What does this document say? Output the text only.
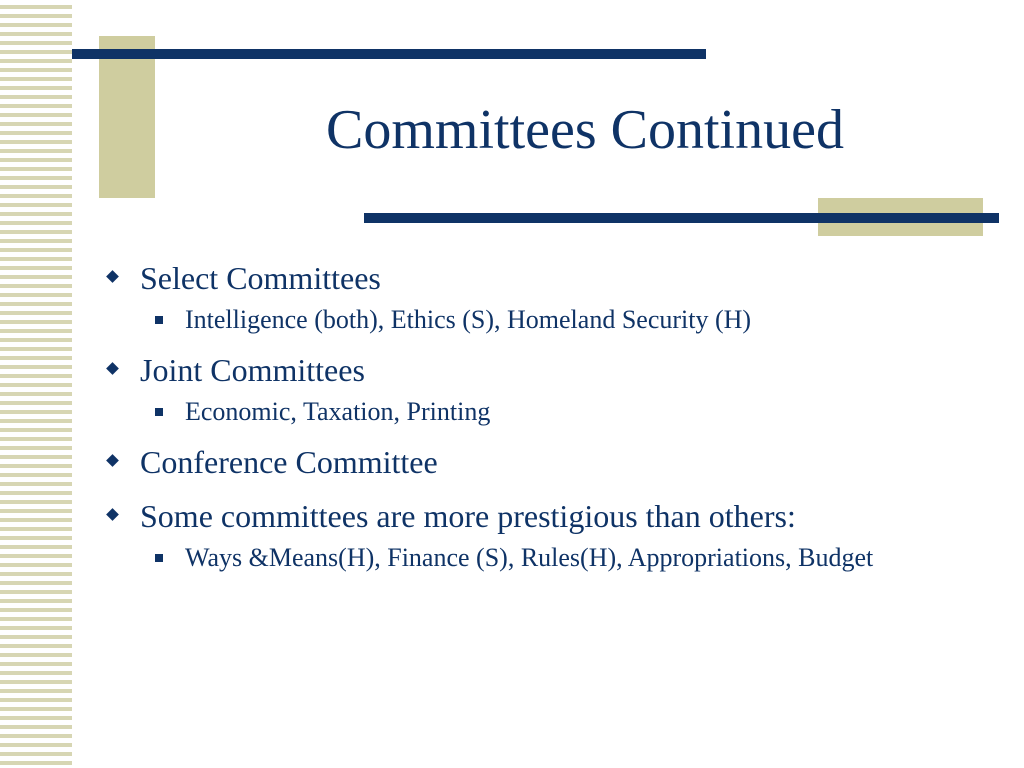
Committees Continued
Select Committees
Intelligence (both), Ethics (S), Homeland Security (H)
Joint Committees
Economic, Taxation, Printing
Conference Committee
Some committees are more prestigious than others:
Ways &Means(H), Finance (S), Rules(H), Appropriations, Budget
